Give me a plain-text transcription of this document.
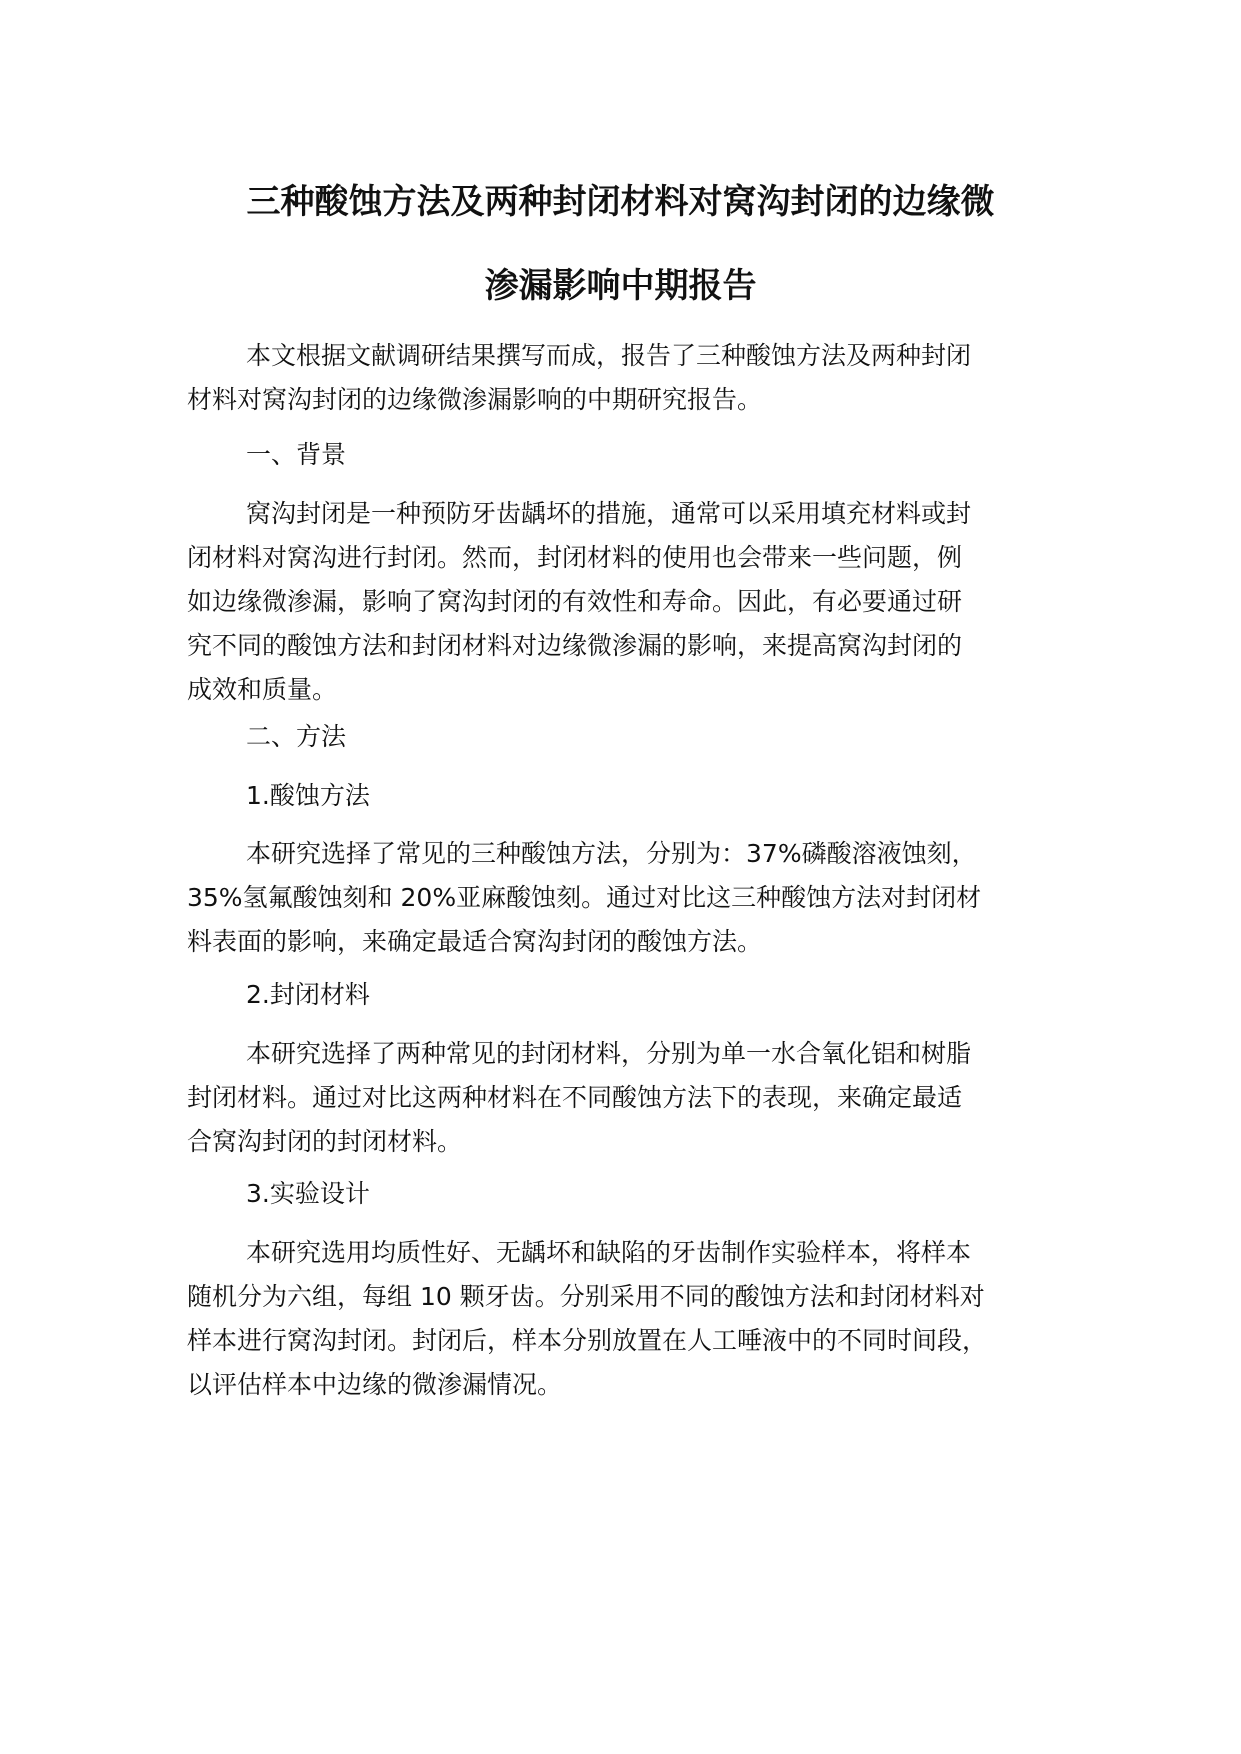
三种酸蚀方法及两种封闭材料对窝沟封闭的边缘微
渗漏影响中期报告

本文根据文献调研结果撰写而成，报告了三种酸蚀方法及两种封闭
材料对窝沟封闭的边缘微渗漏影响的中期研究报告。

一、背景

窝沟封闭是一种预防牙齿龋坏的措施，通常可以采用填充材料或封
闭材料对窝沟进行封闭。然而，封闭材料的使用也会带来一些问题，例
如边缘微渗漏，影响了窝沟封闭的有效性和寿命。因此，有必要通过研
究不同的酸蚀方法和封闭材料对边缘微渗漏的影响，来提高窝沟封闭的
成效和质量。

二、方法

1.酸蚀方法

本研究选择了常见的三种酸蚀方法，分别为：37%磷酸溶液蚀刻，
35%氢氟酸蚀刻和 20%亚麻酸蚀刻。通过对比这三种酸蚀方法对封闭材
料表面的影响，来确定最适合窝沟封闭的酸蚀方法。

2.封闭材料

本研究选择了两种常见的封闭材料，分别为单一水合氧化铝和树脂
封闭材料。通过对比这两种材料在不同酸蚀方法下的表现，来确定最适
合窝沟封闭的封闭材料。

3.实验设计

本研究选用均质性好、无龋坏和缺陷的牙齿制作实验样本，将样本
随机分为六组，每组 10 颗牙齿。分别采用不同的酸蚀方法和封闭材料对
样本进行窝沟封闭。封闭后，样本分别放置在人工唾液中的不同时间段，
以评估样本中边缘的微渗漏情况。
